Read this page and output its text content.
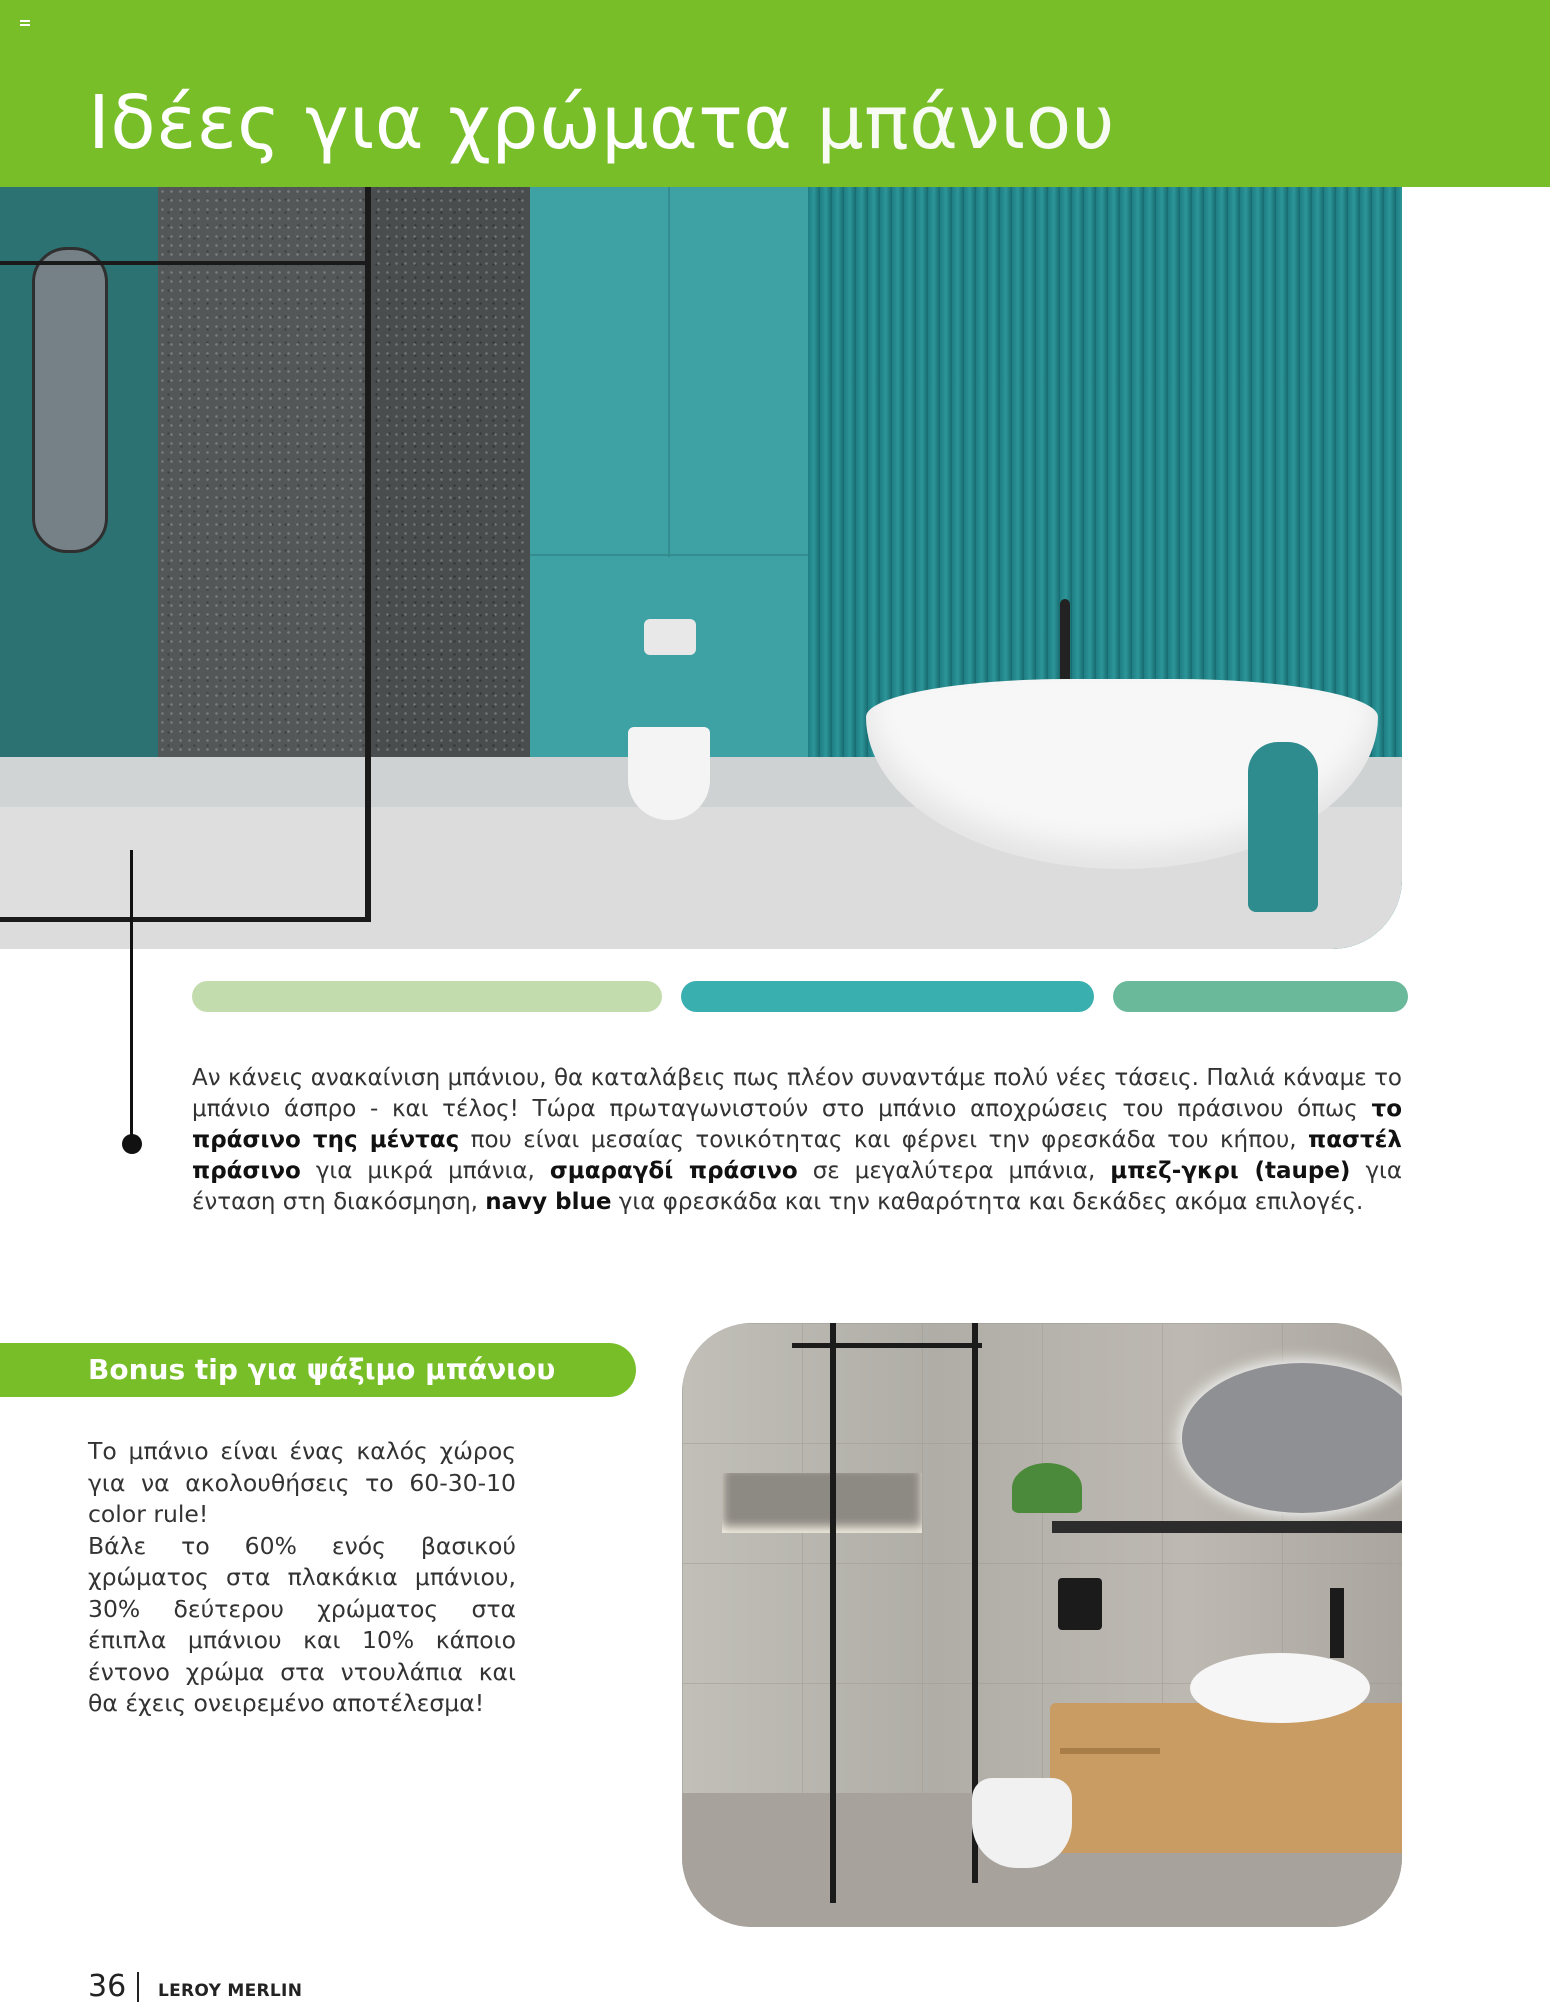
Ιδέες για χρώματα μπάνιου
Αν κάνεις ανακαίνιση μπάνιου, θα καταλάβεις πως πλέον συναντάμε πολύ νέες τάσεις. Παλιά κάναμε το μπάνιο άσπρο - και τέλος! Τώρα πρωταγωνιστούν στο μπάνιο αποχρώσεις του πράσινου όπως το πράσινο της μέντας που είναι μεσαίας τονικότητας και φέρνει την φρεσκάδα του κήπου, παστέλ πράσινο για μικρά μπάνια, σμαραγδί πράσινο σε μεγαλύτερα μπάνια, μπεζ-γκρι (taupe) για ένταση στη διακόσμηση, navy blue για φρεσκάδα και την καθαρότητα και δεκάδες ακόμα επιλογές.
Bonus tip για ψάξιμο μπάνιου
Το μπάνιο είναι ένας καλός χώρος για να ακολουθήσεις το 60-30-10 color rule!
Βάλε το 60% ενός βασικού χρώματος στα πλακάκια μπάνιου, 30% δεύτερου χρώματος στα έπιπλα μπάνιου και 10% κάποιο έντονο χρώμα στα ντουλάπια και θα έχεις ονειρεμένο αποτέλεσμα!
36 LEROY MERLIN
